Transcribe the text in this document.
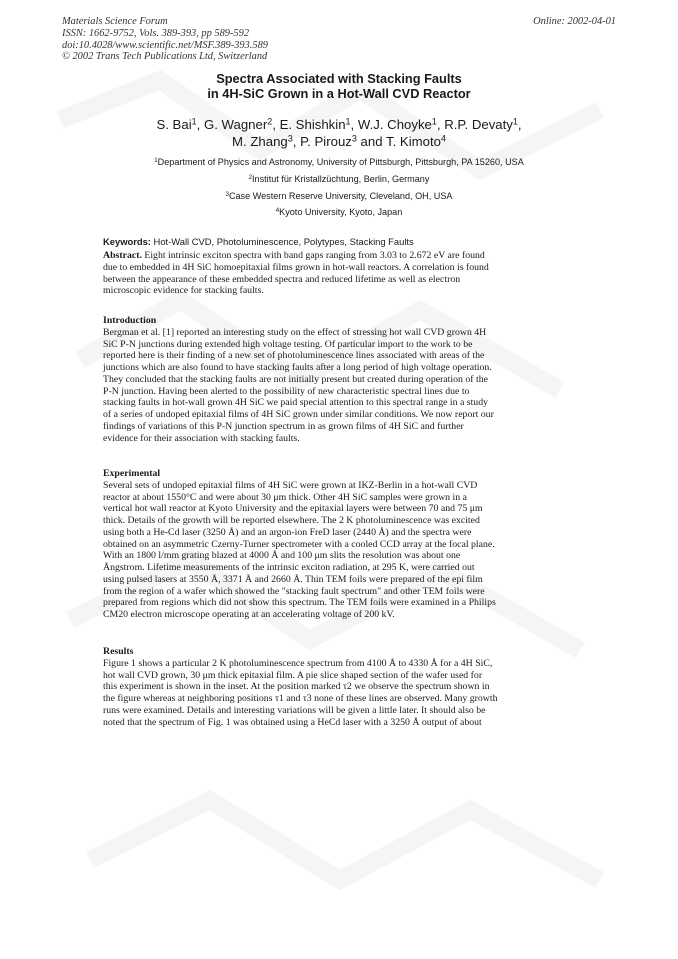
Materials Science Forum
ISSN: 1662-9752, Vols. 389-393, pp 589-592
doi:10.4028/www.scientific.net/MSF.389-393.589
© 2002 Trans Tech Publications Ltd, Switzerland
Online: 2002-04-01
Spectra Associated with Stacking Faults
in 4H-SiC Grown in a Hot-Wall CVD Reactor
S. Bai$^1$, G. Wagner$^2$, E. Shishkin$^1$, W.J. Choyke$^1$, R.P. Devaty$^1$,
M. Zhang$^3$, P. Pirouz$^3$ and T. Kimoto$^4$
$^1$Department of Physics and Astronomy, University of Pittsburgh, Pittsburgh, PA 15260, USA
$^2$Institut für Kristallzüchtung, Berlin, Germany
$^3$Case Western Reserve University, Cleveland, OH, USA
$^4$Kyoto University, Kyoto, Japan
Keywords: Hot-Wall CVD, Photoluminescence, Polytypes, Stacking Faults
Abstract. Eight intrinsic exciton spectra with band gaps ranging from 3.03 to 2.672 eV are found
due to embedded in 4H SiC homoepitaxial films grown in hot-wall reactors. A correlation is found
between the appearance of these embedded spectra and reduced lifetime as well as electron
microscopic evidence for stacking faults.
Introduction
Bergman et al. [1] reported an interesting study on the effect of stressing hot wall CVD grown 4H
SiC P-N junctions during extended high voltage testing. Of particular import to the work to be
reported here is their finding of a new set of photoluminescence lines associated with areas of the
junctions which are also found to have stacking faults after a long period of high voltage operation.
They concluded that the stacking faults are not initially present but created during operation of the
P-N junction. Having been alerted to the possibility of new characteristic spectral lines due to
stacking faults in hot-wall grown 4H SiC we paid special attention to this spectral range in a study
of a series of undoped epitaxial films of 4H SiC grown under similar conditions. We now report our
findings of variations of this P-N junction spectrum in as grown films of 4H SiC and further
evidence for their association with stacking faults.
Experimental
Several sets of undoped epitaxial films of 4H SiC were grown at IKZ-Berlin in a hot-wall CVD
reactor at about 1550°C and were about 30 μm thick. Other 4H SiC samples were grown in a
vertical hot wall reactor at Kyoto University and the epitaxial layers were between 70 and 75 μm
thick. Details of the growth will be reported elsewhere. The 2 K photoluminescence was excited
using both a He-Cd laser (3250 Å) and an argon-ion FreD laser (2440 Å) and the spectra were
obtained on an asymmetric Czerny-Turner spectrometer with a cooled CCD array at the focal plane.
With an 1800 l/mm grating blazed at 4000 Å and 100 μm slits the resolution was about one
Ångstrom. Lifetime measurements of the intrinsic exciton radiation, at 295 K, were carried out
using pulsed lasers at 3550 Å, 3371 Å and 2660 Å. Thin TEM foils were prepared of the epi film
from the region of a wafer which showed the "stacking fault spectrum" and other TEM foils were
prepared from regions which did not show this spectrum. The TEM foils were examined in a Philips
CM20 electron microscope operating at an accelerating voltage of 200 kV.
Results
Figure 1 shows a particular 2 K photoluminescence spectrum from 4100 Å to 4330 Å for a 4H SiC,
hot wall CVD grown, 30 μm thick epitaxial film. A pie slice shaped section of the wafer used for
this experiment is shown in the inset. At the position marked τ2 we observe the spectrum shown in
the figure whereas at neighboring positions τ1 and τ3 none of these lines are observed. Many growth
runs were examined. Details and interesting variations will be given a little later. It should also be
noted that the spectrum of Fig. 1 was obtained using a HeCd laser with a 3250 Å output of about
